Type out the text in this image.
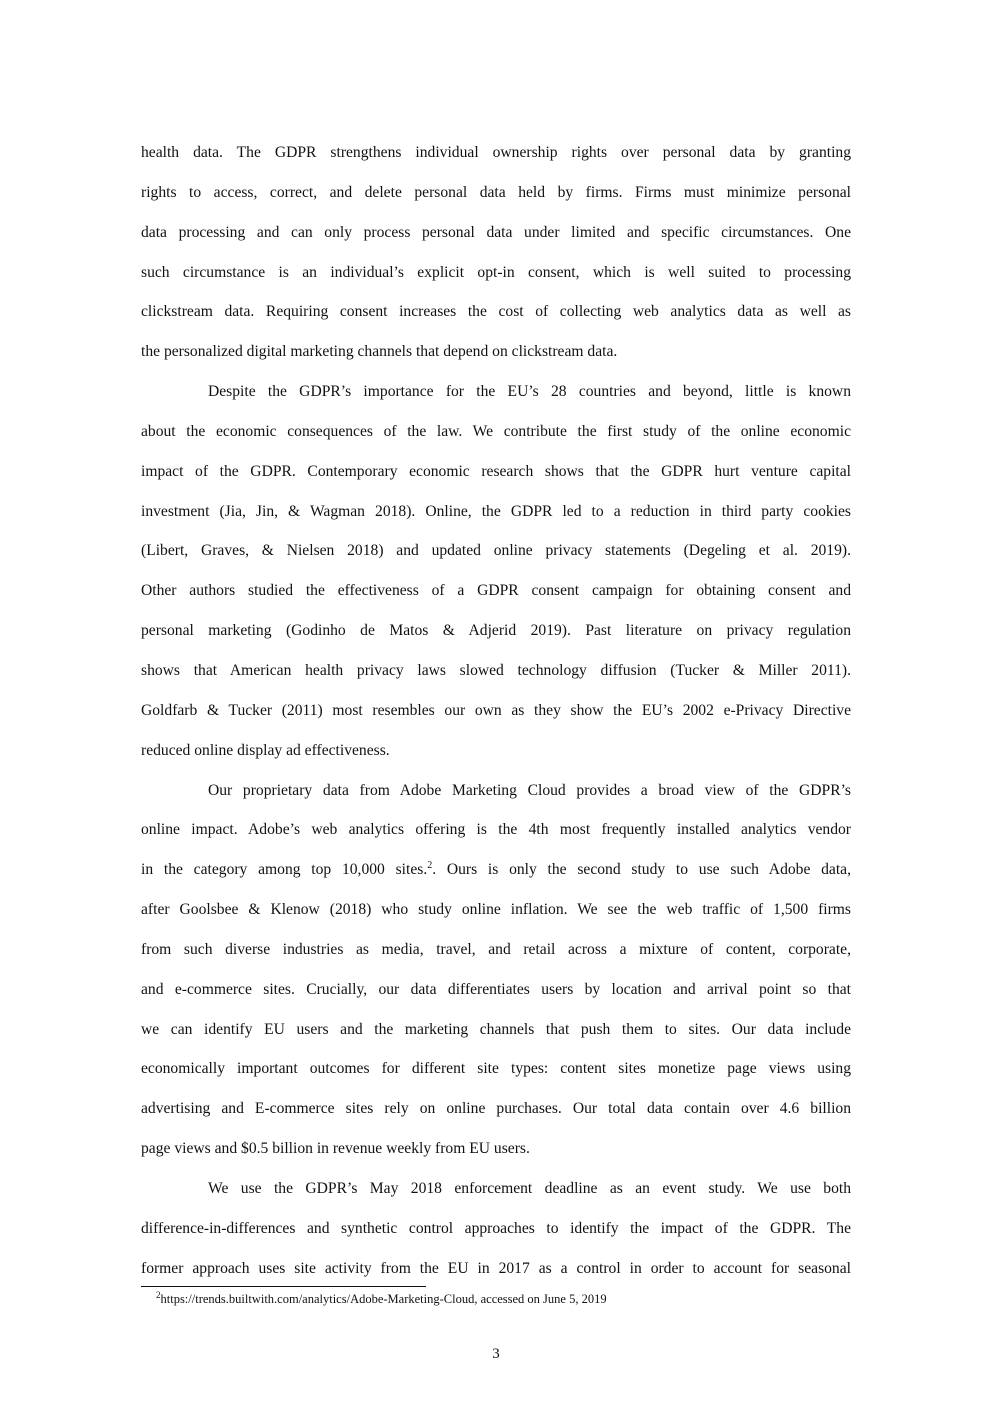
health data. The GDPR strengthens individual ownership rights over personal data by granting
rights to access, correct, and delete personal data held by firms. Firms must minimize personal
data processing and can only process personal data under limited and specific circumstances. One
such circumstance is an individual’s explicit opt-in consent, which is well suited to processing
clickstream data. Requiring consent increases the cost of collecting web analytics data as well as
the personalized digital marketing channels that depend on clickstream data.
Despite the GDPR’s importance for the EU’s 28 countries and beyond, little is known
about the economic consequences of the law. We contribute the first study of the online economic
impact of the GDPR. Contemporary economic research shows that the GDPR hurt venture capital
investment (Jia, Jin, & Wagman 2018). Online, the GDPR led to a reduction in third party cookies
(Libert, Graves, & Nielsen 2018) and updated online privacy statements (Degeling et al. 2019).
Other authors studied the effectiveness of a GDPR consent campaign for obtaining consent and
personal marketing (Godinho de Matos & Adjerid 2019). Past literature on privacy regulation
shows that American health privacy laws slowed technology diffusion (Tucker & Miller 2011).
Goldfarb & Tucker (2011) most resembles our own as they show the EU’s 2002 e-Privacy Directive
reduced online display ad effectiveness.
Our proprietary data from Adobe Marketing Cloud provides a broad view of the GDPR’s
online impact. Adobe’s web analytics offering is the 4th most frequently installed analytics vendor
in the category among top 10,000 sites.$^2$. Ours is only the second study to use such Adobe data,
after Goolsbee & Klenow (2018) who study online inflation. We see the web traffic of 1,500 firms
from such diverse industries as media, travel, and retail across a mixture of content, corporate,
and e-commerce sites. Crucially, our data differentiates users by location and arrival point so that
we can identify EU users and the marketing channels that push them to sites. Our data include
economically important outcomes for different site types: content sites monetize page views using
advertising and E-commerce sites rely on online purchases. Our total data contain over 4.6 billion
page views and $0.5 billion in revenue weekly from EU users.
We use the GDPR’s May 2018 enforcement deadline as an event study. We use both
difference-in-differences and synthetic control approaches to identify the impact of the GDPR. The
former approach uses site activity from the EU in 2017 as a control in order to account for seasonal
$^2$https://trends.builtwith.com/analytics/Adobe-Marketing-Cloud, accessed on June 5, 2019
3
